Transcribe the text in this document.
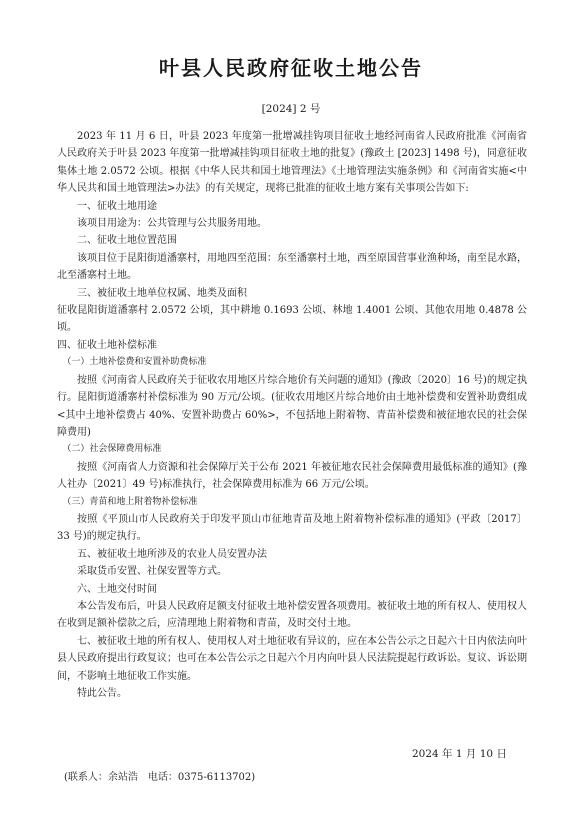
叶县人民政府征收土地公告
[2024] 2 号

2023 年 11 月 6 日，叶县 2023 年度第一批增减挂钩项目征收土地经河南省人民政府批准《河南省人民政府关于叶县 2023 年度第一批增减挂钩项目征收土地的批复》(豫政土 [2023] 1498 号)，同意征收集体土地 2.0572 公顷。根据《中华人民共和国土地管理法》《土地管理法实施条例》和《河南省实施<中华人民共和国土地管理法>办法》的有关规定，现将已批准的征收土地方案有关事项公告如下:

一、征收土地用途

该项目用途为：公共管理与公共服务用地。

二、征收土地位置范围

该项目位于昆阳街道潘寨村，用地四至范围：东至潘寨村土地，西至原国营事业渔种场，南至昆水路，北至潘寨村土地。

三、被征收土地单位权属、地类及面积

征收昆阳街道潘寨村 2.0572 公顷，其中耕地 0.1693 公顷、林地 1.4001 公顷、其他农用地 0.4878 公顷。

四、征收土地补偿标准

（一）土地补偿费和安置补助费标准

按照《河南省人民政府关于征收农用地区片综合地价有关问题的通知》(豫政〔2020〕16 号)的规定执行。昆阳街道潘寨村补偿标准为 90 万元/公顷。(征收农用地区片综合地价由土地补偿费和安置补助费组成<其中土地补偿费占 40%、安置补助费占 60%>，不包括地上附着物、青苗补偿费和被征地农民的社会保障费用)

（二）社会保障费用标准

按照《河南省人力资源和社会保障厅关于公布 2021 年被征地农民社会保障费用最低标准的通知》(豫人社办〔2021〕49 号)标准执行，社会保障费用标准为 66 万元/公顷。

（三）青苗和地上附着物补偿标准

按照《平顶山市人民政府关于印发平顶山市征地青苗及地上附着物补偿标准的通知》(平政〔2017〕33 号)的规定执行。

五、被征收土地所涉及的农业人员安置办法

采取货币安置、社保安置等方式。

六、土地交付时间

本公告发布后，叶县人民政府足额支付征收土地补偿安置各项费用。被征收土地的所有权人、使用权人在收到足额补偿款之后，应清理地上附着物和青苗，及时交付土地。

七、被征收土地的所有权人、使用权人对土地征收有异议的，应在本公告公示之日起六十日内依法向叶县人民政府提出行政复议；也可在本公告公示之日起六个月内向叶县人民法院提起行政诉讼。复议、诉讼期间，不影响土地征收工作实施。

特此公告。

2024 年 1 月 10 日
(联系人：余站浩　电话：0375-6113702)
